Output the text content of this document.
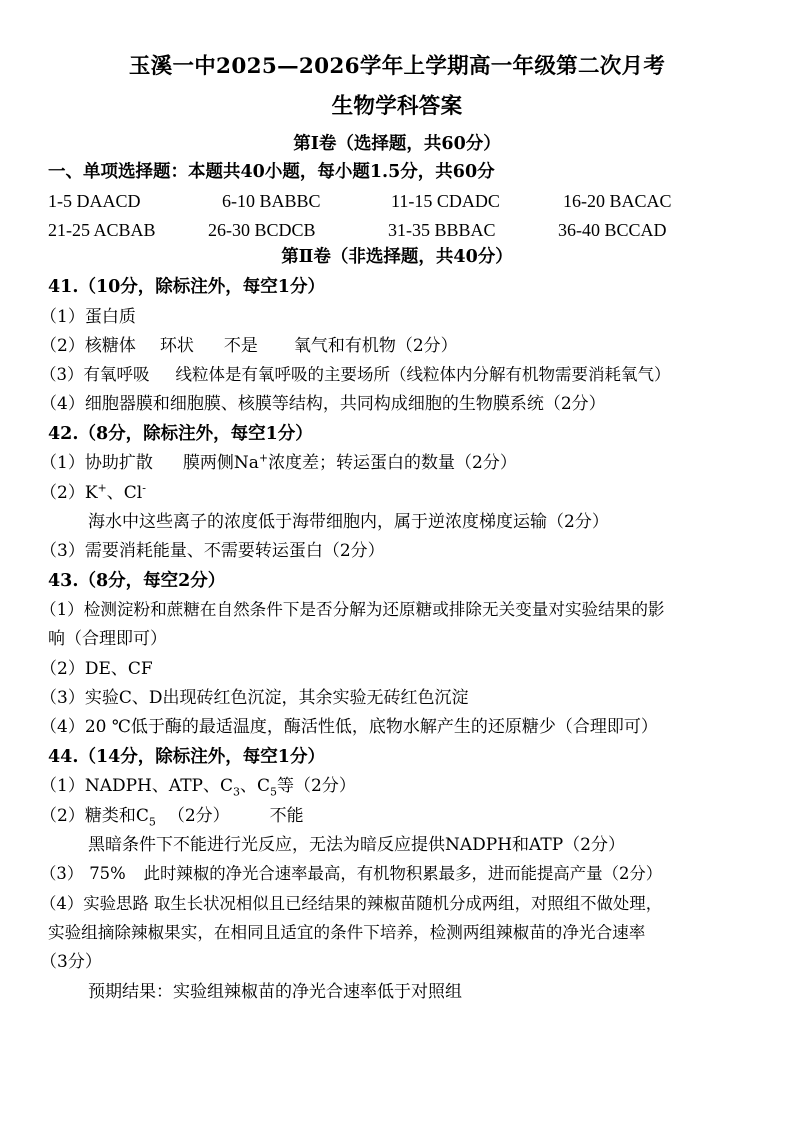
玉溪一中2025—2026学年上学期高一年级第二次月考
生物学科答案
第Ⅰ卷（选择题，共60分）
一、单项选择题：本题共40小题，每小题1.5分，共60分
1-5 DAACD	6-10 BABBC	11-15 CDADC	16-20 BACAC
21-25 ACBAB	26-30 BCDCB	31-35 BBBAC	36-40 BCCAD
第Ⅱ卷（非选择题，共40分）
41.（10分，除标注外，每空1分）
（1）蛋白质
（2）核糖体 环状 不是 氧气和有机物（2分）
（3）有氧呼吸 线粒体是有氧呼吸的主要场所（线粒体内分解有机物需要消耗氧气）
（4）细胞器膜和细胞膜、核膜等结构，共同构成细胞的生物膜系统（2分）
42.（8分，除标注外，每空1分）
（1）协助扩散 膜两侧Na+浓度差；转运蛋白的数量（2分）
（2）K+、Cl-
海水中这些离子的浓度低于海带细胞内，属于逆浓度梯度运输（2分）
（3）需要消耗能量、不需要转运蛋白（2分）
43.（8分，每空2分）
（1）检测淀粉和蔗糖在自然条件下是否分解为还原糖或排除无关变量对实验结果的影
响（合理即可）
（2）DE、CF
（3）实验C、D出现砖红色沉淀，其余实验无砖红色沉淀
（4）20 ℃低于酶的最适温度，酶活性低，底物水解产生的还原糖少（合理即可）
44.（14分，除标注外，每空1分）
（1）NADPH、ATP、$C_3$、$C_5$等（2分）
（2）糖类和$C_5$ （2分） 不能
黑暗条件下不能进行光反应，无法为暗反应提供NADPH和ATP（2分）
（3） 75% 此时辣椒的净光合速率最高，有机物积累最多，进而能提高产量（2分）
（4）实验思路 取生长状况相似且已经结果的辣椒苗随机分成两组，对照组不做处理，
实验组摘除辣椒果实，在相同且适宜的条件下培养，检测两组辣椒苗的净光合速率
（3分）
预期结果：实验组辣椒苗的净光合速率低于对照组
